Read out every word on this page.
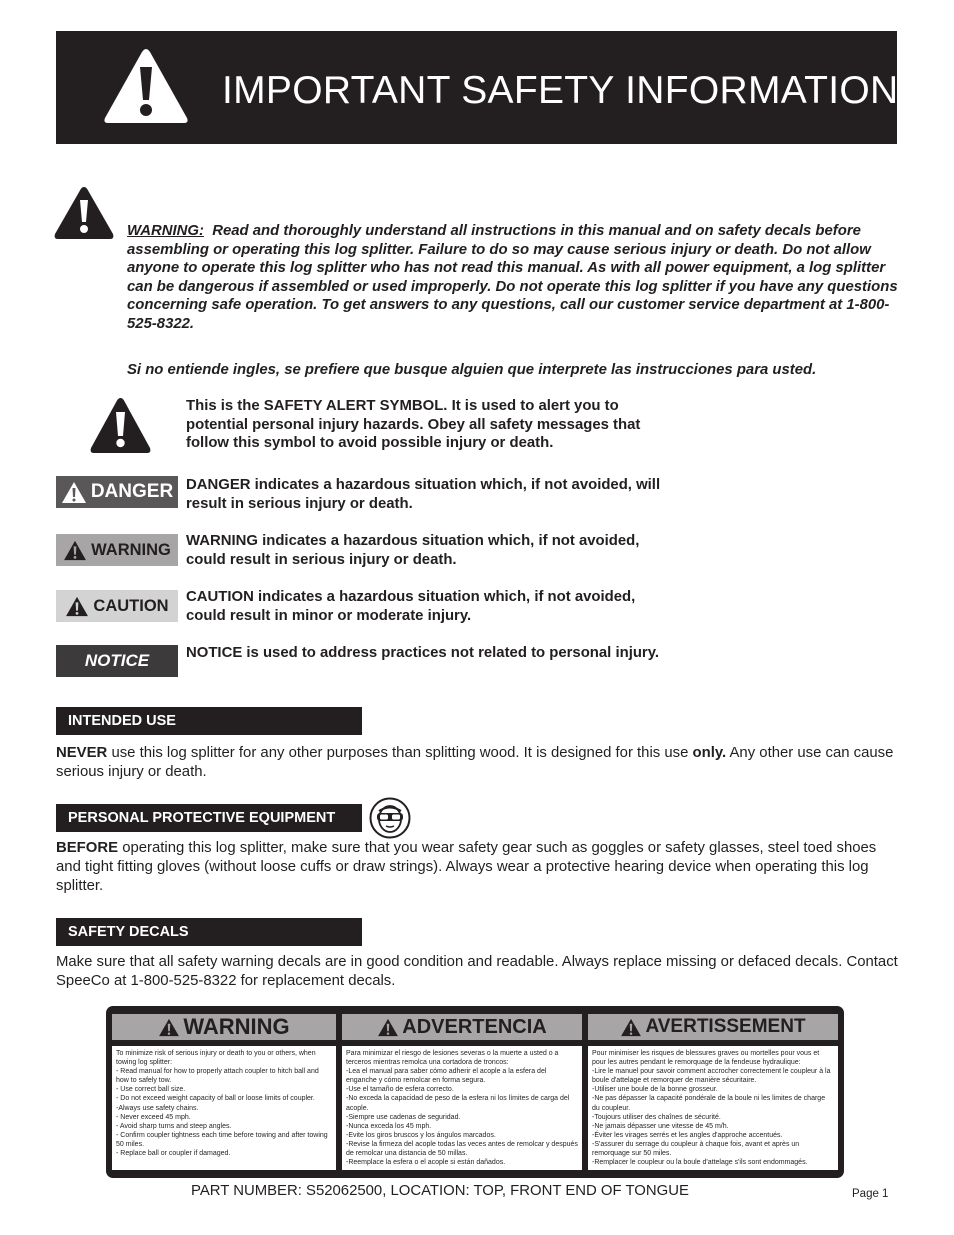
IMPORTANT SAFETY INFORMATION
WARNING: Read and thoroughly understand all instructions in this manual and on safety decals before assembling or operating this log splitter. Failure to do so may cause serious injury or death. Do not allow anyone to operate this log splitter who has not read this manual. As with all power equipment, a log splitter can be dangerous if assembled or used improperly. Do not operate this log splitter if you have any questions concerning safe operation. To get answers to any questions, call our customer service department at 1-800-525-8322.
Si no entiende ingles, se prefiere que busque alguien que interprete las instrucciones para usted.
This is the SAFETY ALERT SYMBOL. It is used to alert you to potential personal injury hazards. Obey all safety messages that follow this symbol to avoid possible injury or death.
DANGER DANGER indicates a hazardous situation which, if not avoided, will result in serious injury or death.
WARNING WARNING indicates a hazardous situation which, if not avoided, could result in serious injury or death.
CAUTION CAUTION indicates a hazardous situation which, if not avoided, could result in minor or moderate injury.
NOTICE NOTICE is used to address practices not related to personal injury.
INTENDED USE
NEVER use this log splitter for any other purposes than splitting wood. It is designed for this use only. Any other use can cause serious injury or death.
PERSONAL PROTECTIVE EQUIPMENT
BEFORE operating this log splitter, make sure that you wear safety gear such as goggles or safety glasses, steel toed shoes and tight fitting gloves (without loose cuffs or draw strings). Always wear a protective hearing device when operating this log splitter.
SAFETY DECALS
Make sure that all safety warning decals are in good condition and readable. Always replace missing or defaced decals. Contact SpeeCo at 1-800-525-8322 for replacement decals.
WARNING
To minimize risk of serious injury or death to you or others, when towing log splitter:
- Read manual for how to properly attach coupler to hitch ball and how to safely tow.
- Use correct ball size.
- Do not exceed weight capacity of ball or loose limits of coupler.
-Always use safety chains.
- Never exceed 45 mph.
- Avoid sharp turns and steep angles.
- Confirm coupler tightness each time before towing and after towing 50 miles.
- Replace ball or coupler if damaged.
ADVERTENCIA
Para minimizar el riesgo de lesiones severas o la muerte a usted o a terceros mientras remolca una cortadora de troncos:
-Lea el manual para saber cómo adherir el acople a la esfera del enganche y cómo remolcar en forma segura.
-Use el tamaño de esfera correcto.
-No exceda la capacidad de peso de la esfera ni los límites de carga del acople.
-Siempre use cadenas de seguridad.
-Nunca exceda los 45 mph.
-Evite los giros bruscos y los ángulos marcados.
-Revise la firmeza del acople todas las veces antes de remolcar y después de remolcar una distancia de 50 millas.
-Reemplace la esfera o el acople si están dañados.
AVERTISSEMENT
Pour minimiser les risques de blessures graves ou mortelles pour vous et pour les autres pendant le remorquage de la fendeuse hydraulique:
-Lire le manuel pour savoir comment accrocher correctement le coupleur à la boule d'attelage et remorquer de manière sécuritaire.
-Utiliser une boule de la bonne grosseur.
-Ne pas dépasser la capacité pondérale de la boule ni les limites de charge du coupleur.
-Toujours utiliser des chaînes de sécurité.
-Ne jamais dépasser une vitesse de 45 m/h.
-Éviter les virages serrés et les angles d'approche accentués.
-S'assurer du serrage du coupleur à chaque fois, avant et après un remorquage sur 50 miles.
-Remplacer le coupleur ou la boule d'attelage s'ils sont endommagés.
PART NUMBER: S52062500, LOCATION: TOP, FRONT END OF TONGUE	Page 1
